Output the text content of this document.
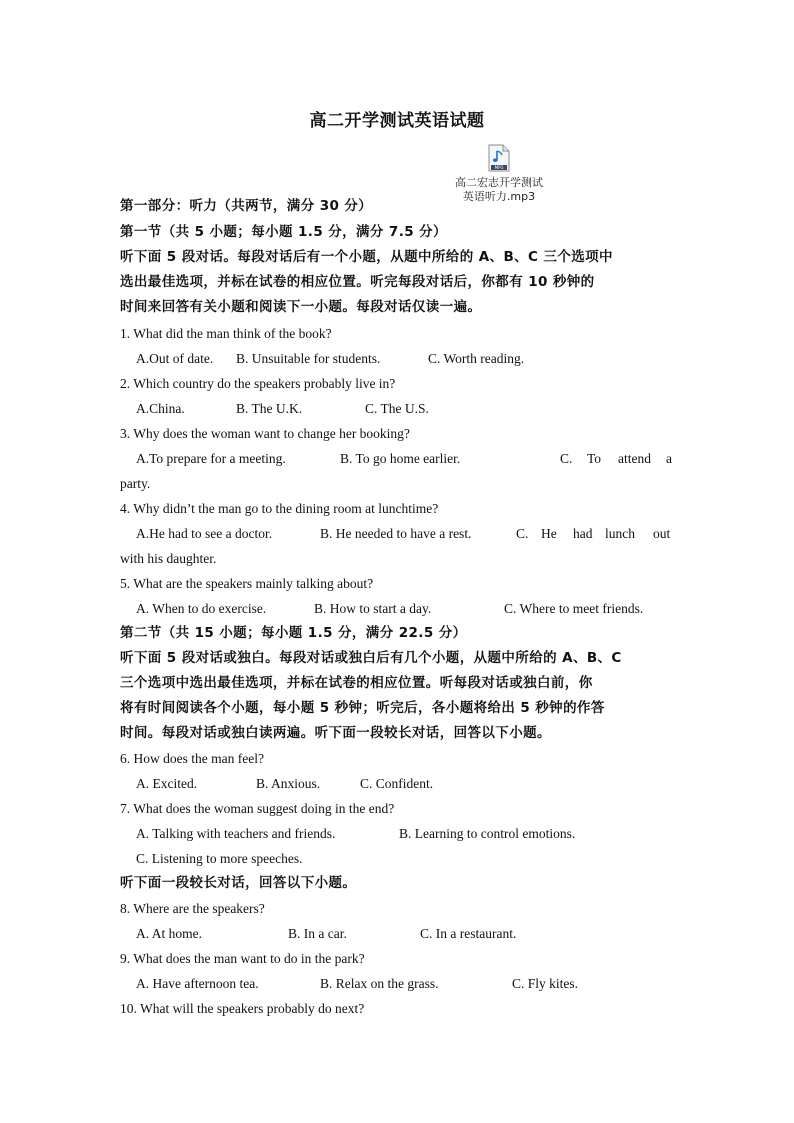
高二开学测试英语试题
MP3
高二宏志开学测试
英语听力.mp3
第一部分：听力（共两节，满分 30 分）
第一节（共 5 小题；每小题 1.5 分，满分 7.5 分）
听下面 5 段对话。每段对话后有一个小题，从题中所给的 A、B、C 三个选项中
选出最佳选项，并标在试卷的相应位置。听完每段对话后，你都有 10 秒钟的
时间来回答有关小题和阅读下一小题。每段对话仅读一遍。
1. What did the man think of the book?
A.Out of date. B. Unsuitable for students.	C. Worth reading.
2. Which country do the speakers probably live in?
A.China.	B. The U.K.	C. The U.S.
3. Why does the woman want to change her booking?
A.To prepare for a meeting.	B. To go home earlier.	C. To attend a
party.
4. Why didn’t the man go to the dining room at lunchtime?
A.He had to see a doctor.	B. He needed to have a rest.	C. He had lunch out
with his daughter.
5. What are the speakers mainly talking about?
A. When to do exercise.	B. How to start a day.	C. Where to meet friends.
第二节（共 15 小题；每小题 1.5 分，满分 22.5 分）
听下面 5 段对话或独白。每段对话或独白后有几个小题，从题中所给的 A、B、C
三个选项中选出最佳选项，并标在试卷的相应位置。听每段对话或独白前，你
将有时间阅读各个小题，每小题 5 秒钟；听完后，各小题将给出 5 秒钟的作答
时间。每段对话或独白读两遍。听下面一段较长对话，回答以下小题。
6. How does the man feel?
A. Excited.	B. Anxious.	C. Confident.
7. What does the woman suggest doing in the end?
A. Talking with teachers and friends.	B. Learning to control emotions.
C. Listening to more speeches.
听下面一段较长对话，回答以下小题。
8. Where are the speakers?
A. At home.	B. In a car.	C. In a restaurant.
9. What does the man want to do in the park?
A. Have afternoon tea.	B. Relax on the grass.	C. Fly kites.
10. What will the speakers probably do next?
